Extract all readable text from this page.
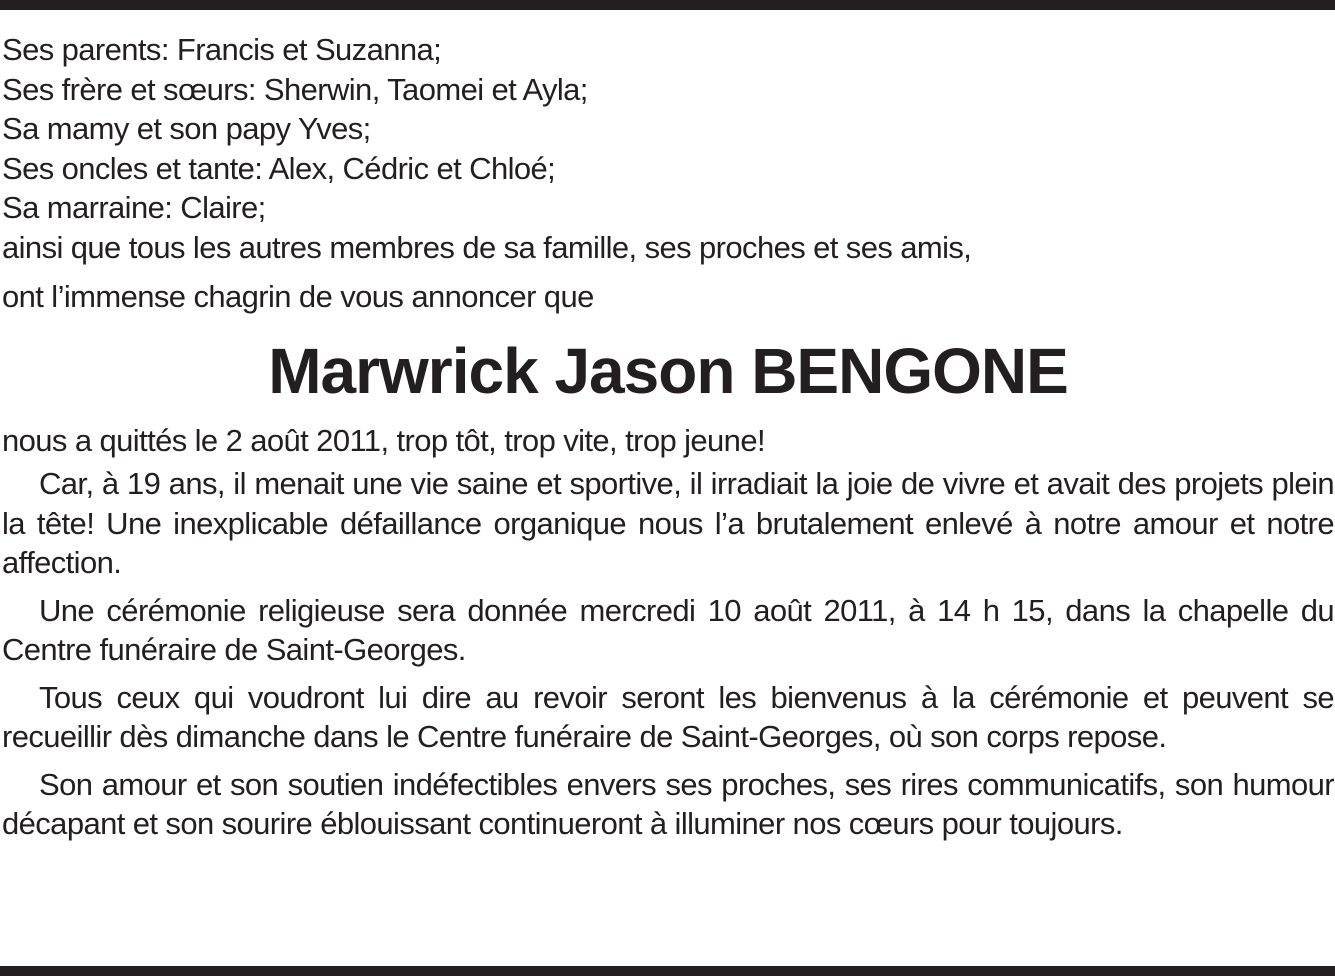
Ses parents: Francis et Suzanna;
Ses frère et sœurs: Sherwin, Taomei et Ayla;
Sa mamy et son papy Yves;
Ses oncles et tante: Alex, Cédric et Chloé;
Sa marraine: Claire;
ainsi que tous les autres membres de sa famille, ses proches et ses amis,
ont l’immense chagrin de vous annoncer que
Marwrick Jason BENGONE
nous a quittés le 2 août 2011, trop tôt, trop vite, trop jeune!

Car, à 19 ans, il menait une vie saine et sportive, il irradiait la joie de vivre et avait des projets plein la tête! Une inexplicable défaillance organique nous l’a brutalement enlevé à notre amour et notre affection.

Une cérémonie religieuse sera donnée mercredi 10 août 2011, à 14 h 15, dans la chapelle du Centre funéraire de Saint-Georges.

Tous ceux qui voudront lui dire au revoir seront les bienvenus à la cérémonie et peuvent se recueillir dès dimanche dans le Centre funéraire de Saint-Georges, où son corps repose.

Son amour et son soutien indéfectibles envers ses proches, ses rires communicatifs, son humour décapant et son sourire éblouissant continueront à illuminer nos cœurs pour toujours.
